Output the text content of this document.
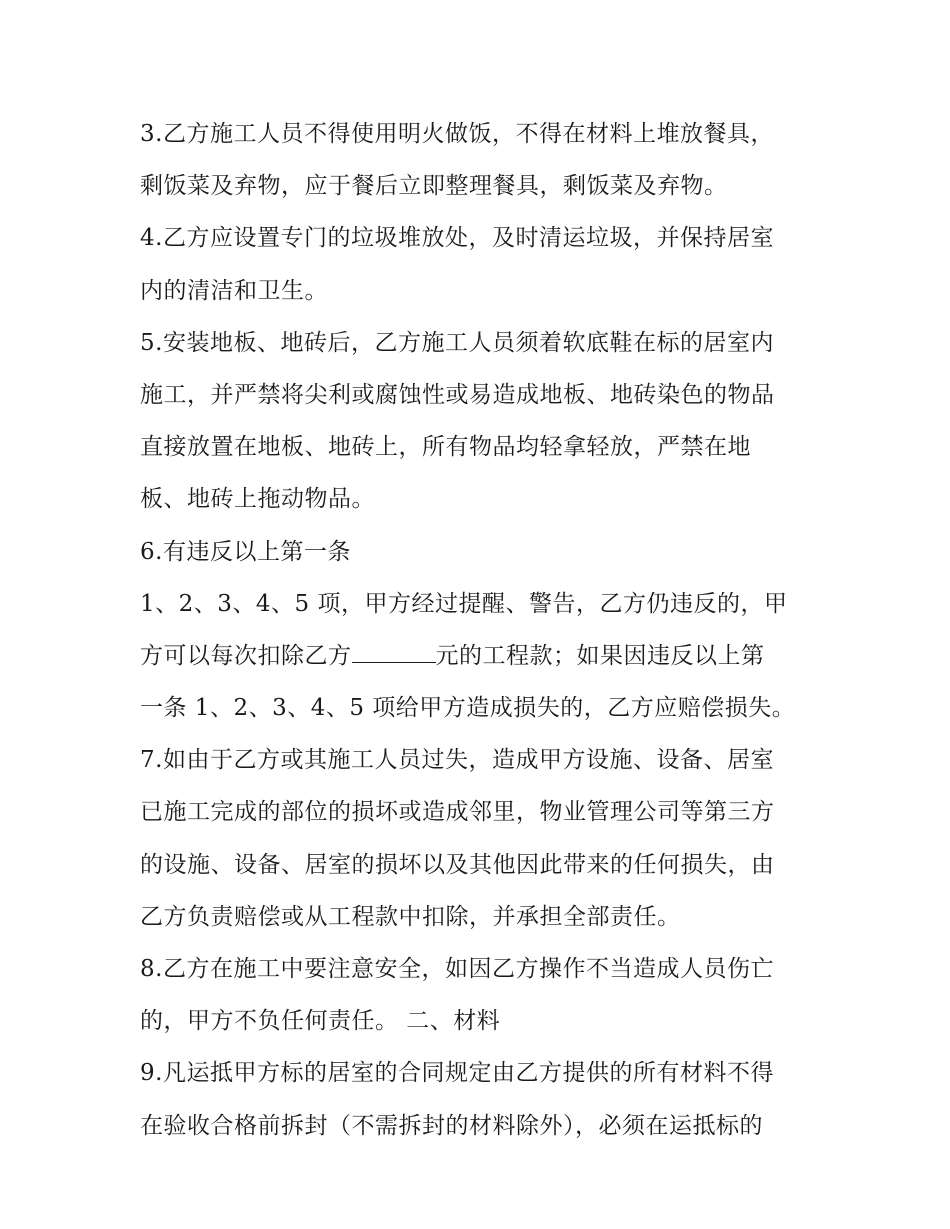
3.乙方施工人员不得使用明火做饭，不得在材料上堆放餐具，
剩饭菜及弃物，应于餐后立即整理餐具，剩饭菜及弃物。
4.乙方应设置专门的垃圾堆放处，及时清运垃圾，并保持居室
内的清洁和卫生。
5.安装地板、地砖后，乙方施工人员须着软底鞋在标的居室内
施工，并严禁将尖利或腐蚀性或易造成地板、地砖染色的物品
直接放置在地板、地砖上，所有物品均轻拿轻放，严禁在地
板、地砖上拖动物品。
6.有违反以上第一条
1、2、3、4、5 项，甲方经过提醒、警告，乙方仍违反的，甲
方可以每次扣除乙方	元的工程款；如果因违反以上第
一条 1、2、3、4、5 项给甲方造成损失的，乙方应赔偿损失。
7.如由于乙方或其施工人员过失，造成甲方设施、设备、居室
已施工完成的部位的损坏或造成邻里，物业管理公司等第三方
的设施、设备、居室的损坏以及其他因此带来的任何损失，由
乙方负责赔偿或从工程款中扣除，并承担全部责任。
8.乙方在施工中要注意安全，如因乙方操作不当造成人员伤亡
的，甲方不负任何责任。 二、材料
9.凡运抵甲方标的居室的合同规定由乙方提供的所有材料不得
在验收合格前拆封（不需拆封的材料除外），必须在运抵标的
